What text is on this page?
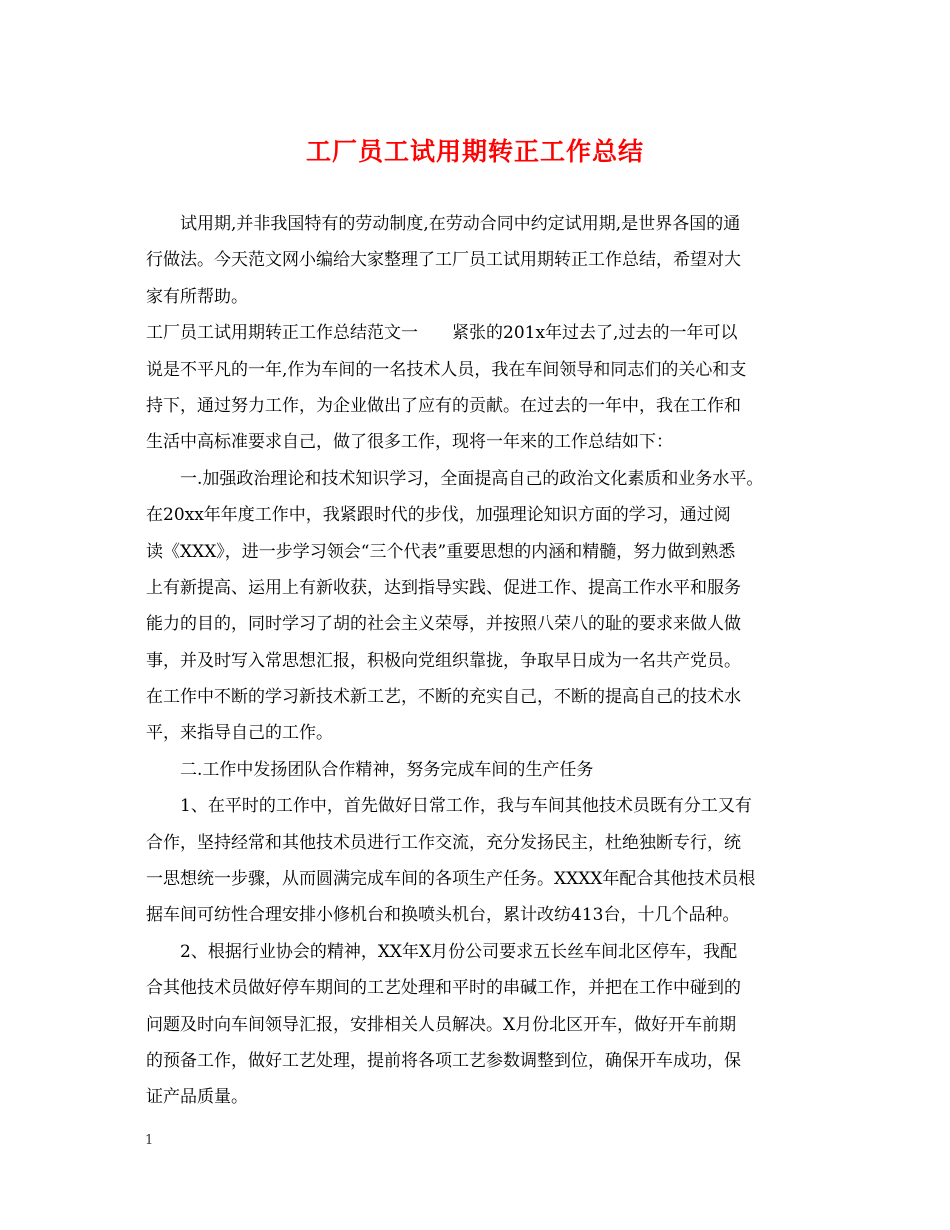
工厂员工试用期转正工作总结
　　试用期,并非我国特有的劳动制度,在劳动合同中约定试用期,是世界各国的通
行做法。今天范文网小编给大家整理了工厂员工试用期转正工作总结，希望对大
家有所帮助。
工厂员工试用期转正工作总结范文一　　紧张的201x年过去了,过去的一年可以
说是不平凡的一年,作为车间的一名技术人员，我在车间领导和同志们的关心和支
持下，通过努力工作，为企业做出了应有的贡献。在过去的一年中，我在工作和
生活中高标准要求自己，做了很多工作，现将一年来的工作总结如下：
　　一.加强政治理论和技术知识学习，全面提高自己的政治文化素质和业务水平。
在20xx年年度工作中，我紧跟时代的步伐，加强理论知识方面的学习，通过阅
读《XXX》，进一步学习领会“三个代表”重要思想的内涵和精髓，努力做到熟悉
上有新提高、运用上有新收获，达到指导实践、促进工作、提高工作水平和服务
能力的目的，同时学习了胡的社会主义荣辱，并按照八荣八的耻的要求来做人做
事，并及时写入常思想汇报，积极向党组织靠拢，争取早日成为一名共产党员。
在工作中不断的学习新技术新工艺，不断的充实自己，不断的提高自己的技术水
平，来指导自己的工作。
　　二.工作中发扬团队合作精神，努务完成车间的生产任务
　　1、在平时的工作中，首先做好日常工作，我与车间其他技术员既有分工又有
合作，坚持经常和其他技术员进行工作交流，充分发扬民主，杜绝独断专行，统
一思想统一步骤，从而圆满完成车间的各项生产任务。XXXX年配合其他技术员根
据车间可纺性合理安排小修机台和换喷头机台，累计改纺413台，十几个品种。
　　2、根据行业协会的精神，XX年X月份公司要求五长丝车间北区停车，我配
合其他技术员做好停车期间的工艺处理和平时的串碱工作，并把在工作中碰到的
问题及时向车间领导汇报，安排相关人员解决。X月份北区开车，做好开车前期
的预备工作，做好工艺处理，提前将各项工艺参数调整到位，确保开车成功，保
证产品质量。
1
